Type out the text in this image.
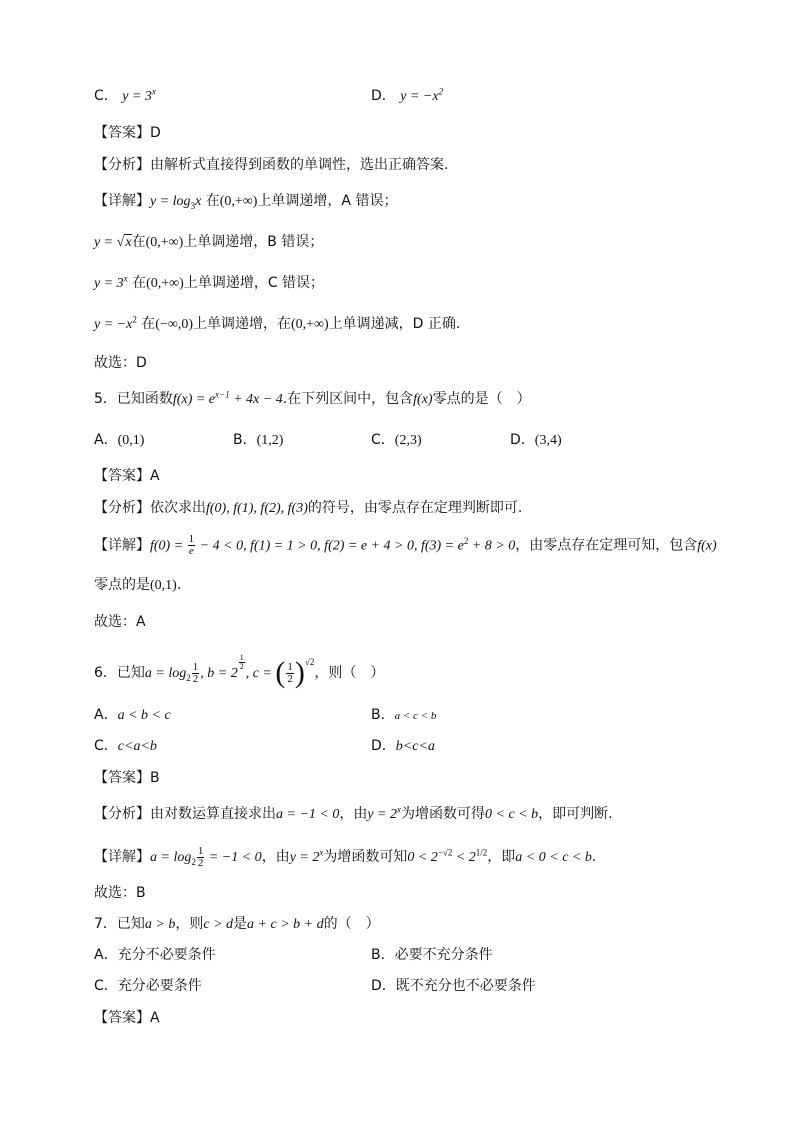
C． $y = 3^x$	D． $y = -x^2$
【答案】D
【分析】由解析式直接得到函数的单调性，选出正确答案.
【详解】$y = \log_3x$ 在(0,+∞)上单调递增，A 错误；
y = √x在(0,+∞)上单调递增，B 错误；
$y = 3^x$ 在(0,+∞)上单调递增，C 错误；
$y = -x^2$ 在(−∞,0)上单调递增，在(0,+∞)上单调递减，D 正确.
故选：D
5．已知函数$f(x) = e^{x-1} + 4x - 4$.在下列区间中，包含f(x)零点的是（　）
A．(0,1)	B．(1,2)	C．(2,3)	D．(3,4)
【答案】A
【分析】依次求出f(0), f(1), f(2), f(3)的符号，由零点存在定理判断即可.
【详解】$f(0) = \frac{1}{e} - 4 < 0$, f(1) = 1 > 0, f(2) = e + 4 > 0, $f(3) = e^2 + 8 > 0$，由零点存在定理可知，包含f(x)
零点的是(0,1).
故选：A
6．已知$a = \log_2 \frac{1}{2}$ , b = 2
$^{\frac{1}{2}}$
, c = ( $\frac{1}{2} )^{√2}$，则（　）
A．a < b < c	B．a < c < b
C．c<a<b	D．b<c<a
【答案】B
【分析】由对数运算直接求出a = −1 < 0，由$y = 2^x$为增函数可得0 < c < b，即可判断.
【详解】$a = \log_2 \frac{1}{2} = -1 < 0$，由$y = 2^x$为增函数可知$0 < 2^{-√2} < 2^{1/2}$，即a < 0 < c < b.
故选：B
7．已知a > b，则c > d是a + c > b + d的（　）
A．充分不必要条件	B．必要不充分条件
C．充分必要条件	D．既不充分也不必要条件
【答案】A
